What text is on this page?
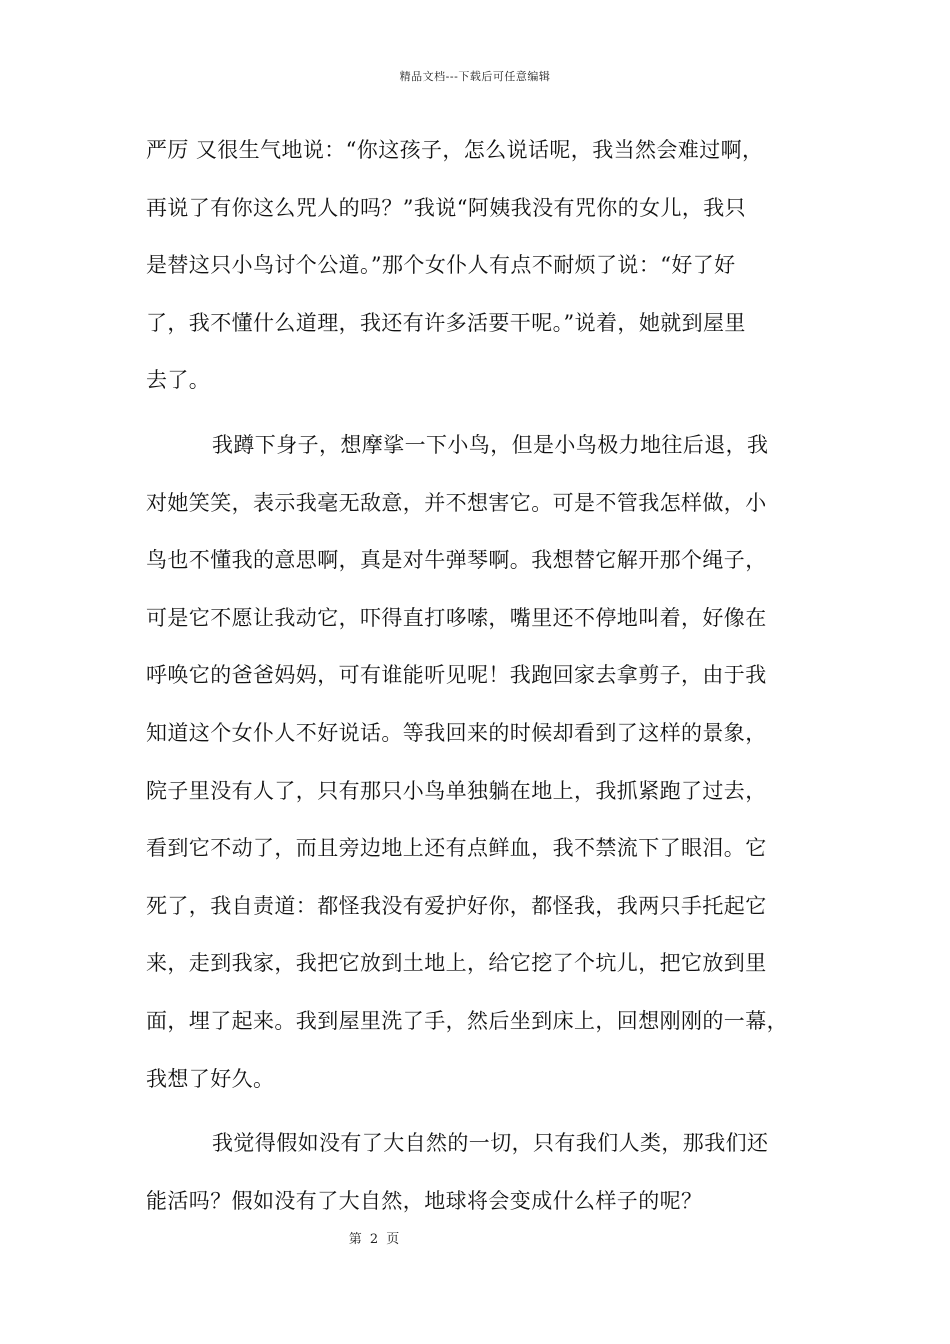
精品文档---下载后可任意编辑
严厉 又很生气地说：“你这孩子，怎么说话呢，我当然会难过啊，
再说了有你这么咒人的吗？”我说“阿姨我没有咒你的女儿，我只
是替这只小鸟讨个公道。”那个女仆人有点不耐烦了说：“好了好
了，我不懂什么道理，我还有许多活要干呢。”说着，她就到屋里
去了。
我蹲下身子，想摩挲一下小鸟，但是小鸟极力地往后退，我
对她笑笑，表示我毫无敌意，并不想害它。可是不管我怎样做，小
鸟也不懂我的意思啊，真是对牛弹琴啊。我想替它解开那个绳子，
可是它不愿让我动它，吓得直打哆嗦，嘴里还不停地叫着，好像在
呼唤它的爸爸妈妈，可有谁能听见呢！我跑回家去拿剪子，由于我
知道这个女仆人不好说话。等我回来的时候却看到了这样的景象，
院子里没有人了，只有那只小鸟单独躺在地上，我抓紧跑了过去，
看到它不动了，而且旁边地上还有点鲜血，我不禁流下了眼泪。它
死了，我自责道：都怪我没有爱护好你，都怪我，我两只手托起它
来，走到我家，我把它放到土地上，给它挖了个坑儿，把它放到里
面，埋了起来。我到屋里洗了手，然后坐到床上，回想刚刚的一幕，
我想了好久。
我觉得假如没有了大自然的一切，只有我们人类，那我们还
能活吗？假如没有了大自然，地球将会变成什么样子的呢？
第 2 页
